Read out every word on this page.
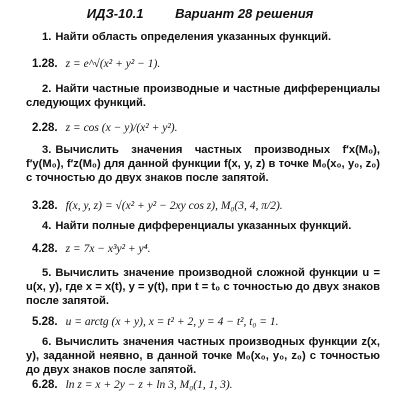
ИДЗ-10.1 Вариант 28 решения
1. Найти область определения указанных функций.
1.28. z = e^√(x² + y² − 1).
2. Найти частные производные и частные дифференциалы следующих функций.
2.28. z = cos (x − y)/(x² + y²).
3. Вычислить значения частных производных f′x(M₀), f′y(M₀), f′z(M₀) для данной функции f(x, y, z) в точке M₀(x₀, y₀, z₀) с точностью до двух знаков после запятой.
3.28. f(x, y, z) = √(x² + y² − 2xy cos z), M₀(3, 4, π/2).
4. Найти полные дифференциалы указанных функций.
4.28. z = 7x − x³y² + y⁴.
5. Вычислить значение производной сложной функции u = u(x, y), где x = x(t), y = y(t), при t = t₀ с точностью до двух знаков после запятой.
5.28. u = arctg (x + y), x = t² + 2, y = 4 − t², t₀ = 1.
6. Вычислить значения частных производных функции z(x, y), заданной неявно, в данной точке M₀(x₀, y₀, z₀) с точностью до двух знаков после запятой.
6.28. ln z = x + 2y − z + ln 3, M₀(1, 1, 3).
